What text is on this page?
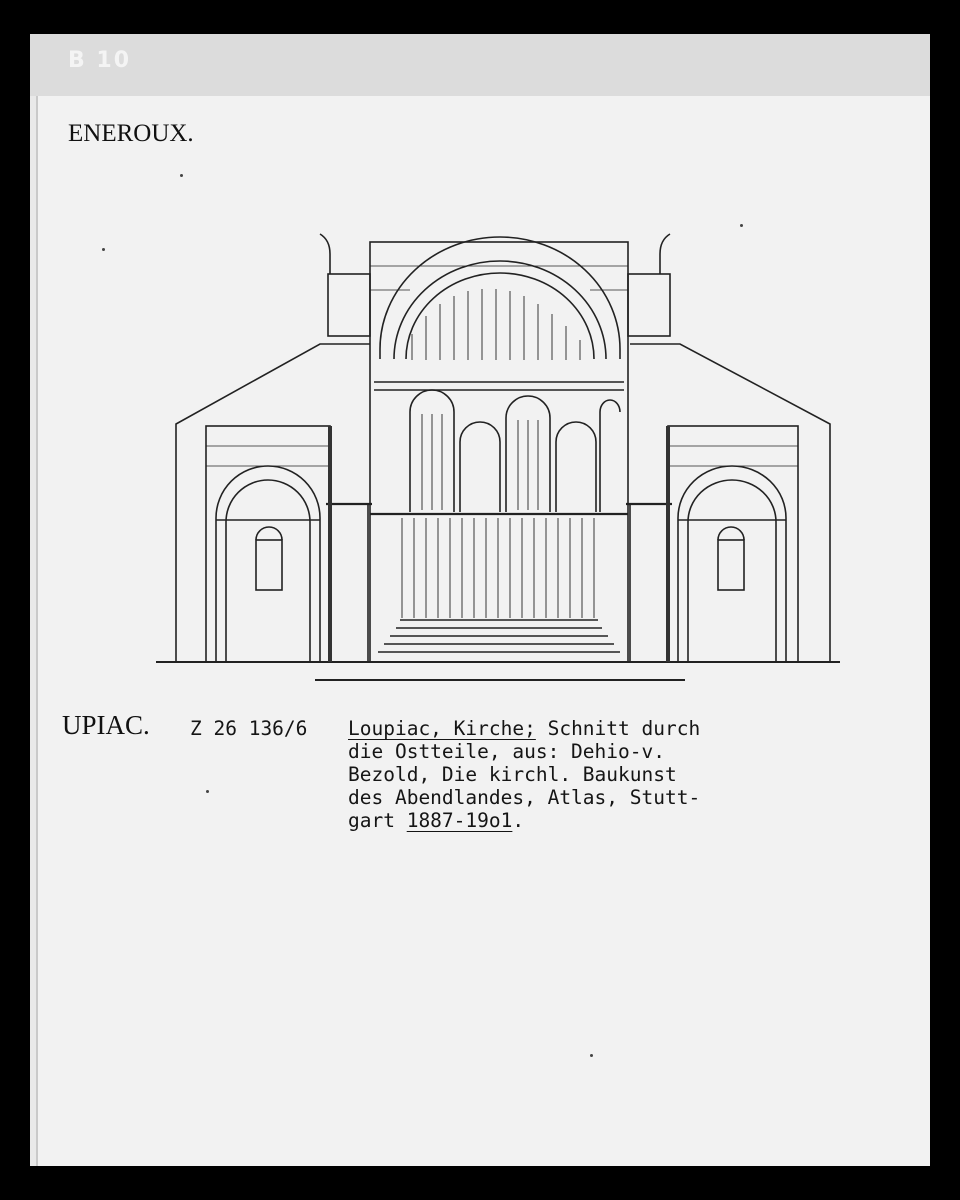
B 10
ENEROUX.
UPIAC. Z 26 136/6 Loupiac, Kirche; Schnitt durch
die Ostteile, aus: Dehio-v.
Bezold, Die kirchl. Baukunst
des Abendlandes, Atlas, Stutt-
gart 1887-19o1.
